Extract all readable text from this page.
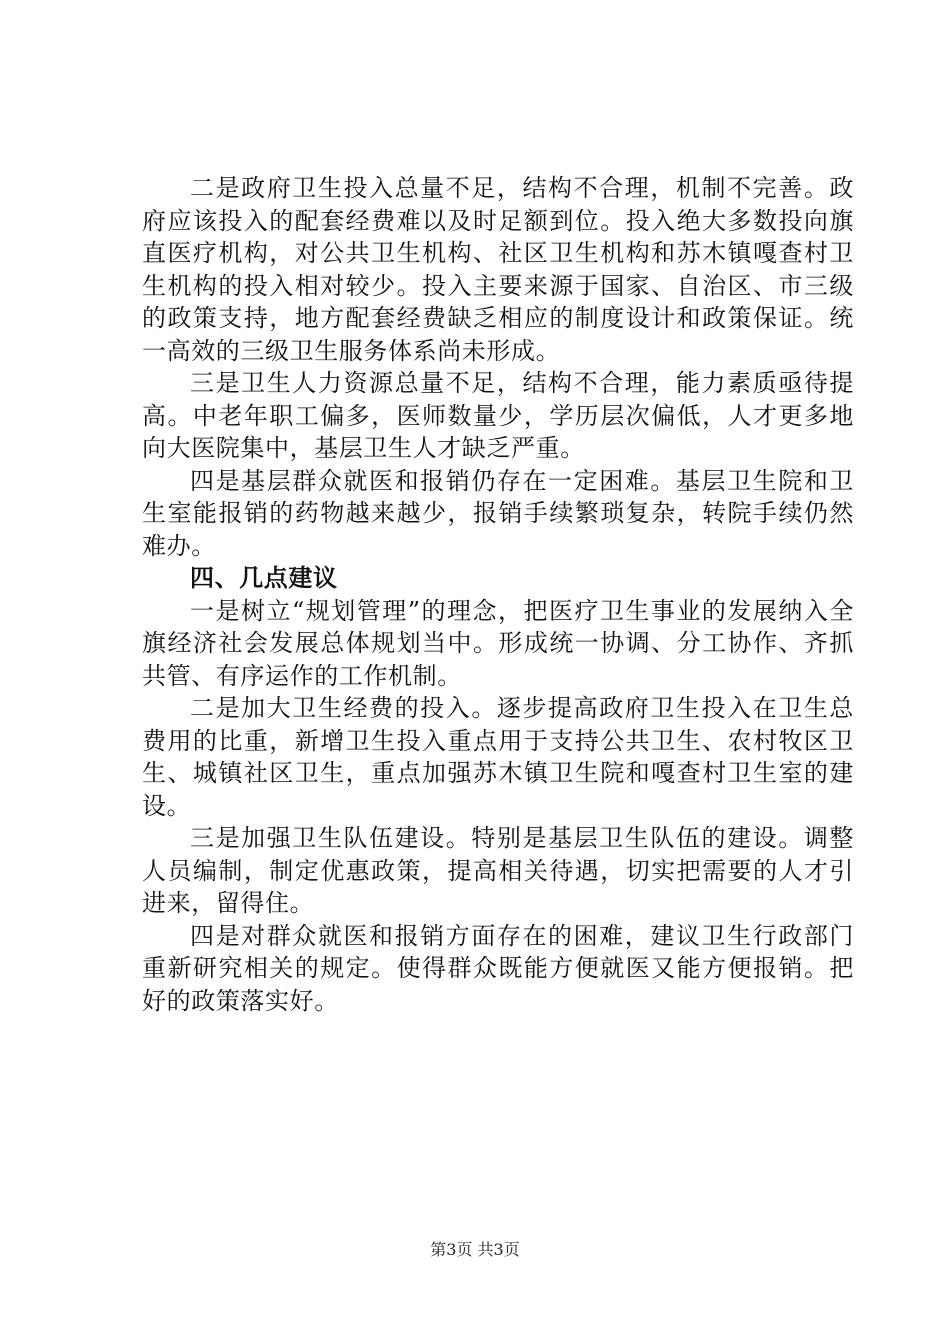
二是政府卫生投入总量不足，结构不合理，机制不完善。政府应该投入的配套经费难以及时足额到位。投入绝大多数投向旗直医疗机构，对公共卫生机构、社区卫生机构和苏木镇嘎查村卫生机构的投入相对较少。投入主要来源于国家、自治区、市三级的政策支持，地方配套经费缺乏相应的制度设计和政策保证。统一高效的三级卫生服务体系尚未形成。

三是卫生人力资源总量不足，结构不合理，能力素质亟待提高。中老年职工偏多，医师数量少，学历层次偏低，人才更多地向大医院集中，基层卫生人才缺乏严重。

四是基层群众就医和报销仍存在一定困难。基层卫生院和卫生室能报销的药物越来越少，报销手续繁琐复杂，转院手续仍然难办。

四、几点建议

一是树立“规划管理”的理念，把医疗卫生事业的发展纳入全旗经济社会发展总体规划当中。形成统一协调、分工协作、齐抓共管、有序运作的工作机制。

二是加大卫生经费的投入。逐步提高政府卫生投入在卫生总费用的比重，新增卫生投入重点用于支持公共卫生、农村牧区卫生、城镇社区卫生，重点加强苏木镇卫生院和嘎查村卫生室的建设。

三是加强卫生队伍建设。特别是基层卫生队伍的建设。调整人员编制，制定优惠政策，提高相关待遇，切实把需要的人才引进来，留得住。

四是对群众就医和报销方面存在的困难，建议卫生行政部门重新研究相关的规定。使得群众既能方便就医又能方便报销。把好的政策落实好。

第3页 共3页
